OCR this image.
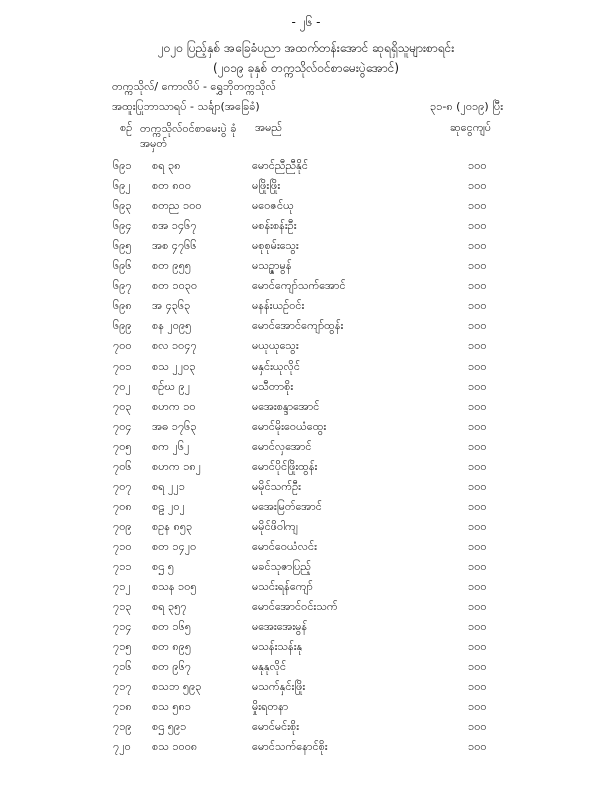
- ၂၆ -
၂၀၂၀ ပြည့်နှစ် အခြေခံပညာ အထက်တန်းအောင် ဆုရရှိသူများစာရင်း
(၂၀၁၉ ခုနှစ် တက္ကသိုလ်ဝင်စာမေးပွဲအောင်)
တက္ကသိုလ်/ ကောလိပ် - ရွှေဘိုတက္ကသိုလ်
အထူးပြုဘာသာရပ် - သင်္ချာ(အခြေခံ)	၃၁-၈ (၂၀၁၉) ပြီး
စဉ် တက္ကသိုလ်ဝင်စာမေးပွဲ ခုံအမှတ်
အမည်	ဆုငွေကျပ်
၆၉၁ စရ ၃၈	မောင်ညီညီနိုင်	၁၀၀
၆၉၂ စတ ၈၀၀	မဖြိုးဖြိုး	၁၀၀
၆၉၃ စတည ၁၀၀	မဝေဇင်ယု	၁၀၀
၆၉၄ စအ ၁၄၆၇	မစန်းစန်းဦး	၁၀၀
၆၉၅ အစ ၄၇၆၆	မစုစုမ်းသွေး	၁၀၀
၆၉၆ စတ ၉၅၅	မသဉ္ဇာမွန်	၁၀၀
၆၉၇ စတ ၁၀၃၀	မောင်ကျော်သက်အောင်	၁၀၀
၆၉၈ အ ၄၃၆၃	မနန်းယဉ်ဝင်း	၁၀၀
၆၉၉ စန ၂၀၉၅	မောင်အောင်ကျော်ထွန်း	၁၀၀
၇၀၀ စလ ၁၀၄၇	မယုယုသွေး	၁၀၀
၇၀၁ စသ ၂၂၀၃	မနှင်းယုလိုင်	၁၀၀
၇၀၂ စဥ်ဃ ၉၂	မသီတာစိုး	၁၀၀
၇၀၃ စဟက ၁၀	မအေးစန္ဒာအောင်	၁၀၀
၇၀၄ အဓ ၁၇၆၃	မောင်မိုးဝေယံထွေး	၁၀၀
၇၀၅ စက ၂၆၂	မောင်လှအောင်	၁၀၀
၇၀၆ စဟက ၁၈၂	မောင်ပိုင်ဖြိုးထွန်း	၁၀၀
၇၀၇ စရ ၂၂၁	မမိုင်သက်ဦး	၁၀၀
၇၀၈ စဠ ၂၀၂	မအေးမြတ်အောင်	၁၀၀
၇၀၉ စဥန ၈၅၃	မမိုင်ဖိဝါကျ	၁၀၀
၇၁၀ စတ ၁၄၂၀	မောင်ဝေယံလင်း	၁၀၀
၇၁၁ စဌ ၅	မခင်သုဇာပြည့်	၁၀၀
၇၁၂ စသန ၁၀၅	မသင်းရန်ကျော်	၁၀၀
၇၁၃ စရ ၃၅၇	မောင်အောင်ဝင်းသက်	၁၀၀
၇၁၄ စတ ၁၆၅	မအေးအေးမွန်	၁၀၀
၇၁၅ စတ ၈၉၅	မသန်းသန်းနု	၁၀၀
၇၁၆ စတ ၉၆၇	မနုနုလိုင်	၁၀၀
၇၁၇ စသဘ ၅၉၃	မသက်နှင်းဖြိုး	၁၀၀
၇၁၈ စသ ၅၈၁	မှိုးရတနာ	၁၀၀
၇၁၉ စဌ ၅၉၁	မောင်မင်းစိုး	၁၀၀
၇၂၀ စသ ၁၀၀၈	မောင်သက်နောင်စိုး	၁၀၀
